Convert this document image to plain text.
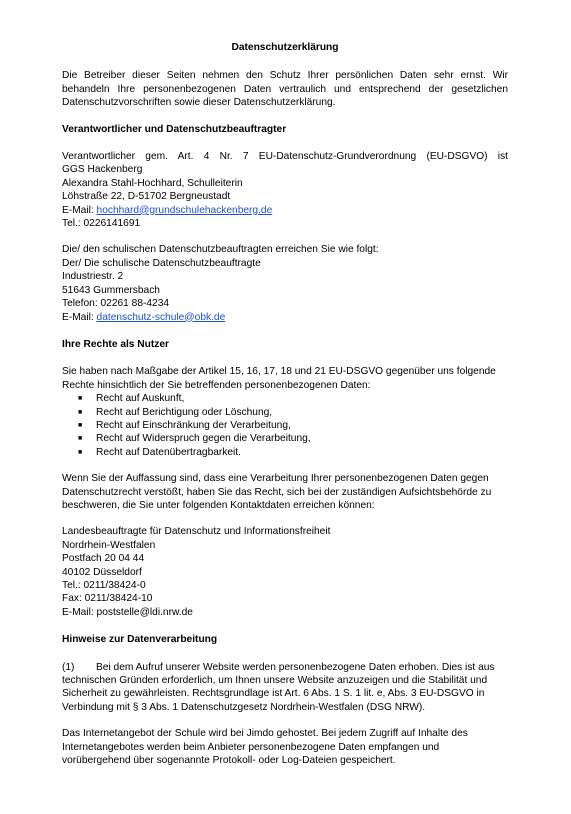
Datenschutzerklärung
Die Betreiber dieser Seiten nehmen den Schutz Ihrer persönlichen Daten sehr ernst. Wir behandeln Ihre personenbezogenen Daten vertraulich und entsprechend der gesetzlichen Datenschutzvorschriften sowie dieser Datenschutzerklärung.
Verantwortlicher und Datenschutzbeauftragter
Verantwortlicher gem. Art. 4 Nr. 7 EU-Datenschutz-Grundverordnung (EU-DSGVO) ist
GGS Hackenberg
Alexandra Stahl-Hochhard, Schulleiterin
Löhstraße 22, D-51702 Bergneustadt
E-Mail: hochhard@grundschulehackenberg.de
Tel.: 0226141691
Die/ den schulischen Datenschutzbeauftragten erreichen Sie wie folgt:
Der/ Die schulische Datenschutzbeauftragte
Industriestr. 2
51643 Gummersbach
Telefon: 02261 88-4234
E-Mail: datenschutz-schule@obk.de
Ihre Rechte als Nutzer
Sie haben nach Maßgabe der Artikel 15, 16, 17, 18 und 21 EU-DSGVO gegenüber uns folgende
Rechte hinsichtlich der Sie betreffenden personenbezogenen Daten:
■ Recht auf Auskunft,
■ Recht auf Berichtigung oder Löschung,
■ Recht auf Einschränkung der Verarbeitung,
■ Recht auf Widerspruch gegen die Verarbeitung,
■ Recht auf Datenübertragbarkeit.
Wenn Sie der Auffassung sind, dass eine Verarbeitung Ihrer personenbezogenen Daten gegen
Datenschutzrecht verstößt, haben Sie das Recht, sich bei der zuständigen Aufsichtsbehörde zu
beschweren, die Sie unter folgenden Kontaktdaten erreichen können:
Landesbeauftragte für Datenschutz und Informationsfreiheit
Nordrhein-Westfalen
Postfach 20 04 44
40102 Düsseldorf
Tel.: 0211/38424-0
Fax: 0211/38424-10
E-Mail: poststelle@ldi.nrw.de
Hinweise zur Datenverarbeitung
(1) Bei dem Aufruf unserer Website werden personenbezogene Daten erhoben. Dies ist aus
technischen Gründen erforderlich, um Ihnen unsere Website anzuzeigen und die Stabilität und
Sicherheit zu gewährleisten. Rechtsgrundlage ist Art. 6 Abs. 1 S. 1 lit. e, Abs. 3 EU-DSGVO in
Verbindung mit § 3 Abs. 1 Datenschutzgesetz Nordrhein-Westfalen (DSG NRW).
Das Internetangebot der Schule wird bei Jimdo gehostet. Bei jedem Zugriff auf Inhalte des
Internetangebotes werden beim Anbieter personenbezogene Daten empfangen und
vorübergehend über sogenannte Protokoll- oder Log-Dateien gespeichert.
